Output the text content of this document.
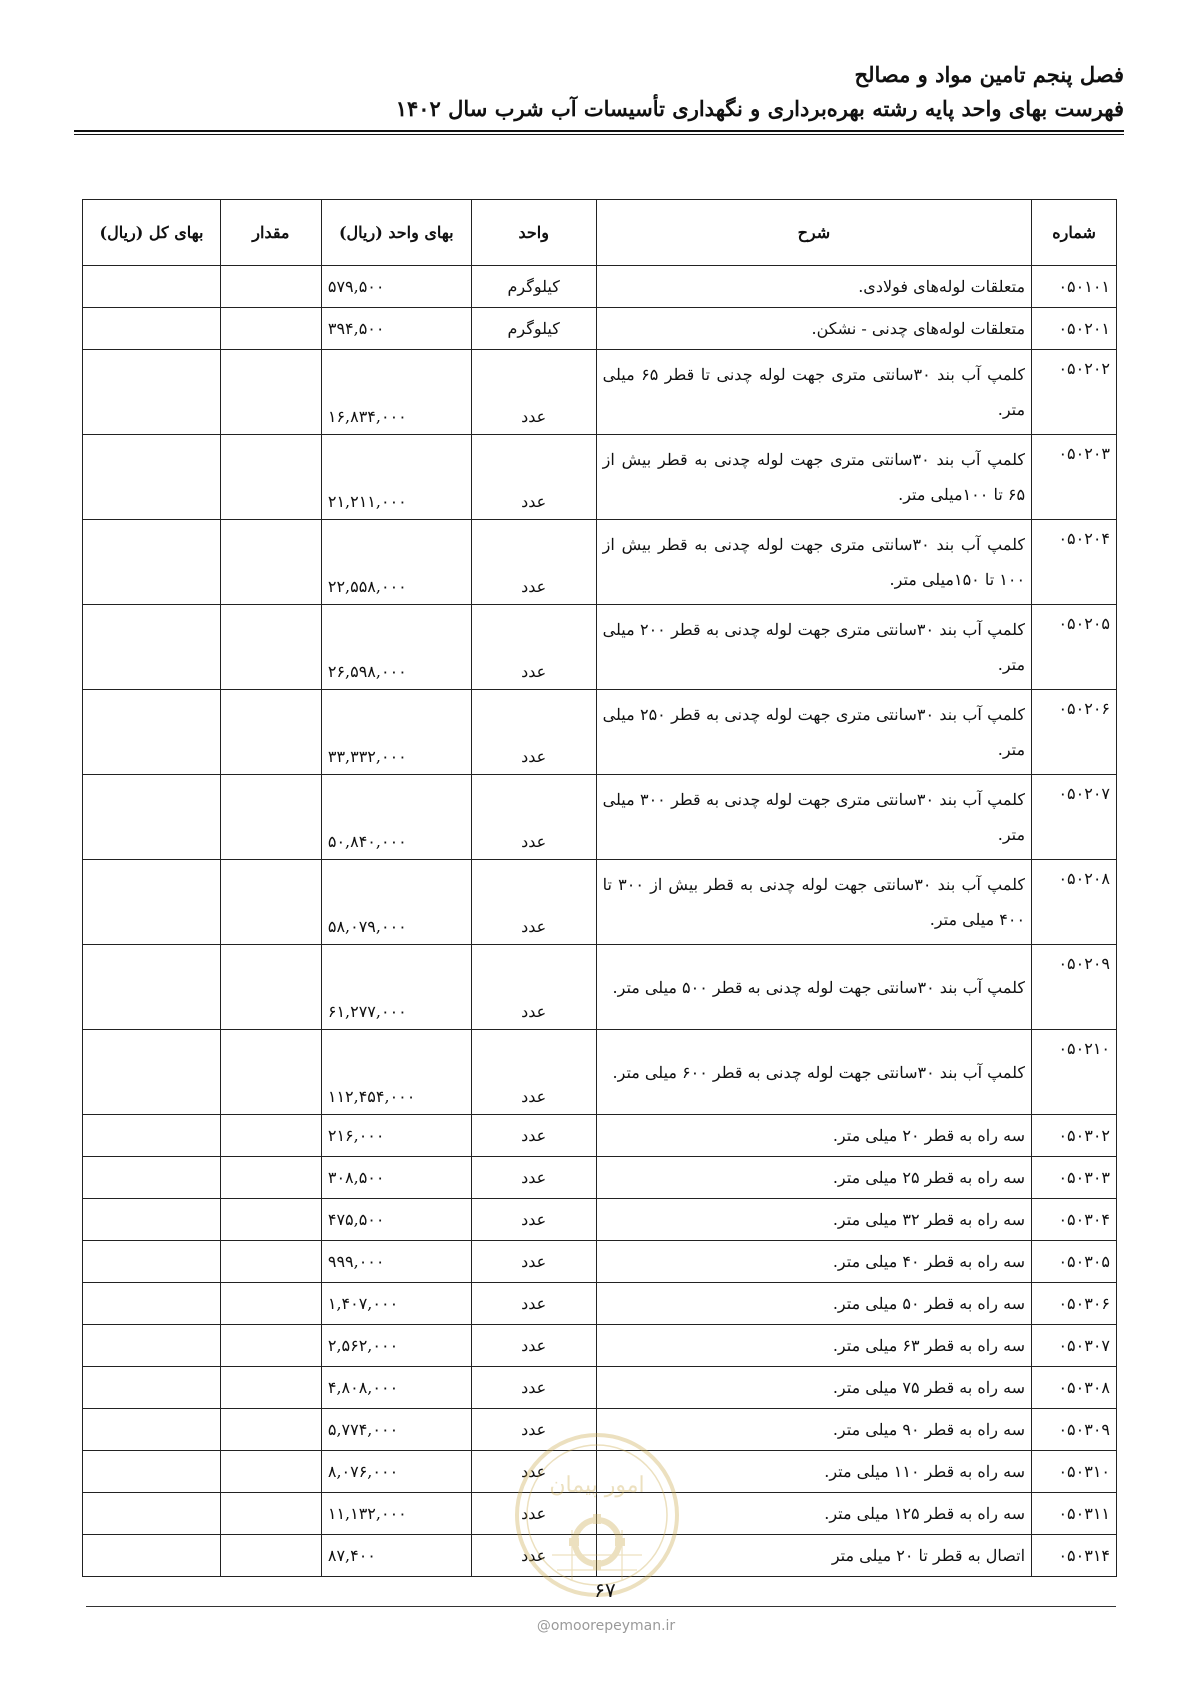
فصل پنجم تامین مواد و مصالح
فهرست بهای واحد پایه رشته بهره‌برداری و نگهداری تأسیسات آب شرب سال ۱۴۰۲
شماره	شرح	واحد	بهای واحد (ریال)	مقدار	بهای کل (ریال)
۰۵۰۱۰۱	متعلقات لوله‌های فولادی.	کیلوگرم	۵۷۹,۵۰۰		
۰۵۰۲۰۱	متعلقات لوله‌های چدنی - نشکن.	کیلوگرم	۳۹۴,۵۰۰		
۰۵۰۲۰۲	کلمپ آب بند ۳۰سانتی متری جهت لوله چدنی تا قطر ۶۵ میلی متر.	عدد	۱۶,۸۳۴,۰۰۰		
۰۵۰۲۰۳	کلمپ آب بند ۳۰سانتی متری جهت لوله چدنی به قطر بیش از ۶۵ تا ۱۰۰میلی متر.	عدد	۲۱,۲۱۱,۰۰۰		
۰۵۰۲۰۴	کلمپ آب بند ۳۰سانتی متری جهت لوله چدنی به قطر بیش از ۱۰۰ تا ۱۵۰میلی متر.	عدد	۲۲,۵۵۸,۰۰۰		
۰۵۰۲۰۵	کلمپ آب بند ۳۰سانتی متری جهت لوله چدنی به قطر ۲۰۰ میلی متر.	عدد	۲۶,۵۹۸,۰۰۰		
۰۵۰۲۰۶	کلمپ آب بند ۳۰سانتی متری جهت لوله چدنی به قطر ۲۵۰ میلی متر.	عدد	۳۳,۳۳۲,۰۰۰		
۰۵۰۲۰۷	کلمپ آب بند ۳۰سانتی متری جهت لوله چدنی به قطر ۳۰۰ میلی متر.	عدد	۵۰,۸۴۰,۰۰۰		
۰۵۰۲۰۸	کلمپ آب بند ۳۰سانتی جهت لوله چدنی به قطر بیش از ۳۰۰ تا ۴۰۰ میلی متر.	عدد	۵۸,۰۷۹,۰۰۰		
۰۵۰۲۰۹	کلمپ آب بند ۳۰سانتی جهت لوله چدنی به قطر ۵۰۰ میلی متر.	عدد	۶۱,۲۷۷,۰۰۰		
۰۵۰۲۱۰	کلمپ آب بند ۳۰سانتی جهت لوله چدنی به قطر ۶۰۰ میلی متر.	عدد	۱۱۲,۴۵۴,۰۰۰		
۰۵۰۳۰۲	سه راه به قطر ۲۰ میلی متر.	عدد	۲۱۶,۰۰۰		
۰۵۰۳۰۳	سه راه به قطر ۲۵ میلی متر.	عدد	۳۰۸,۵۰۰		
۰۵۰۳۰۴	سه راه به قطر ۳۲ میلی متر.	عدد	۴۷۵,۵۰۰		
۰۵۰۳۰۵	سه راه به قطر ۴۰ میلی متر.	عدد	۹۹۹,۰۰۰		
۰۵۰۳۰۶	سه راه به قطر ۵۰ میلی متر.	عدد	۱,۴۰۷,۰۰۰		
۰۵۰۳۰۷	سه راه به قطر ۶۳ میلی متر.	عدد	۲,۵۶۲,۰۰۰		
۰۵۰۳۰۸	سه راه به قطر ۷۵ میلی متر.	عدد	۴,۸۰۸,۰۰۰		
۰۵۰۳۰۹	سه راه به قطر ۹۰ میلی متر.	عدد	۵,۷۷۴,۰۰۰		
۰۵۰۳۱۰	سه راه به قطر ۱۱۰ میلی متر.	عدد	۸,۰۷۶,۰۰۰		
۰۵۰۳۱۱	سه راه به قطر ۱۲۵ میلی متر.	عدد	۱۱,۱۳۲,۰۰۰		
۰۵۰۳۱۴	اتصال به قطر تا ۲۰ میلی متر	عدد	۸۷,۴۰۰		
امور پیمان
۶۷
@omoorepeyman.ir
